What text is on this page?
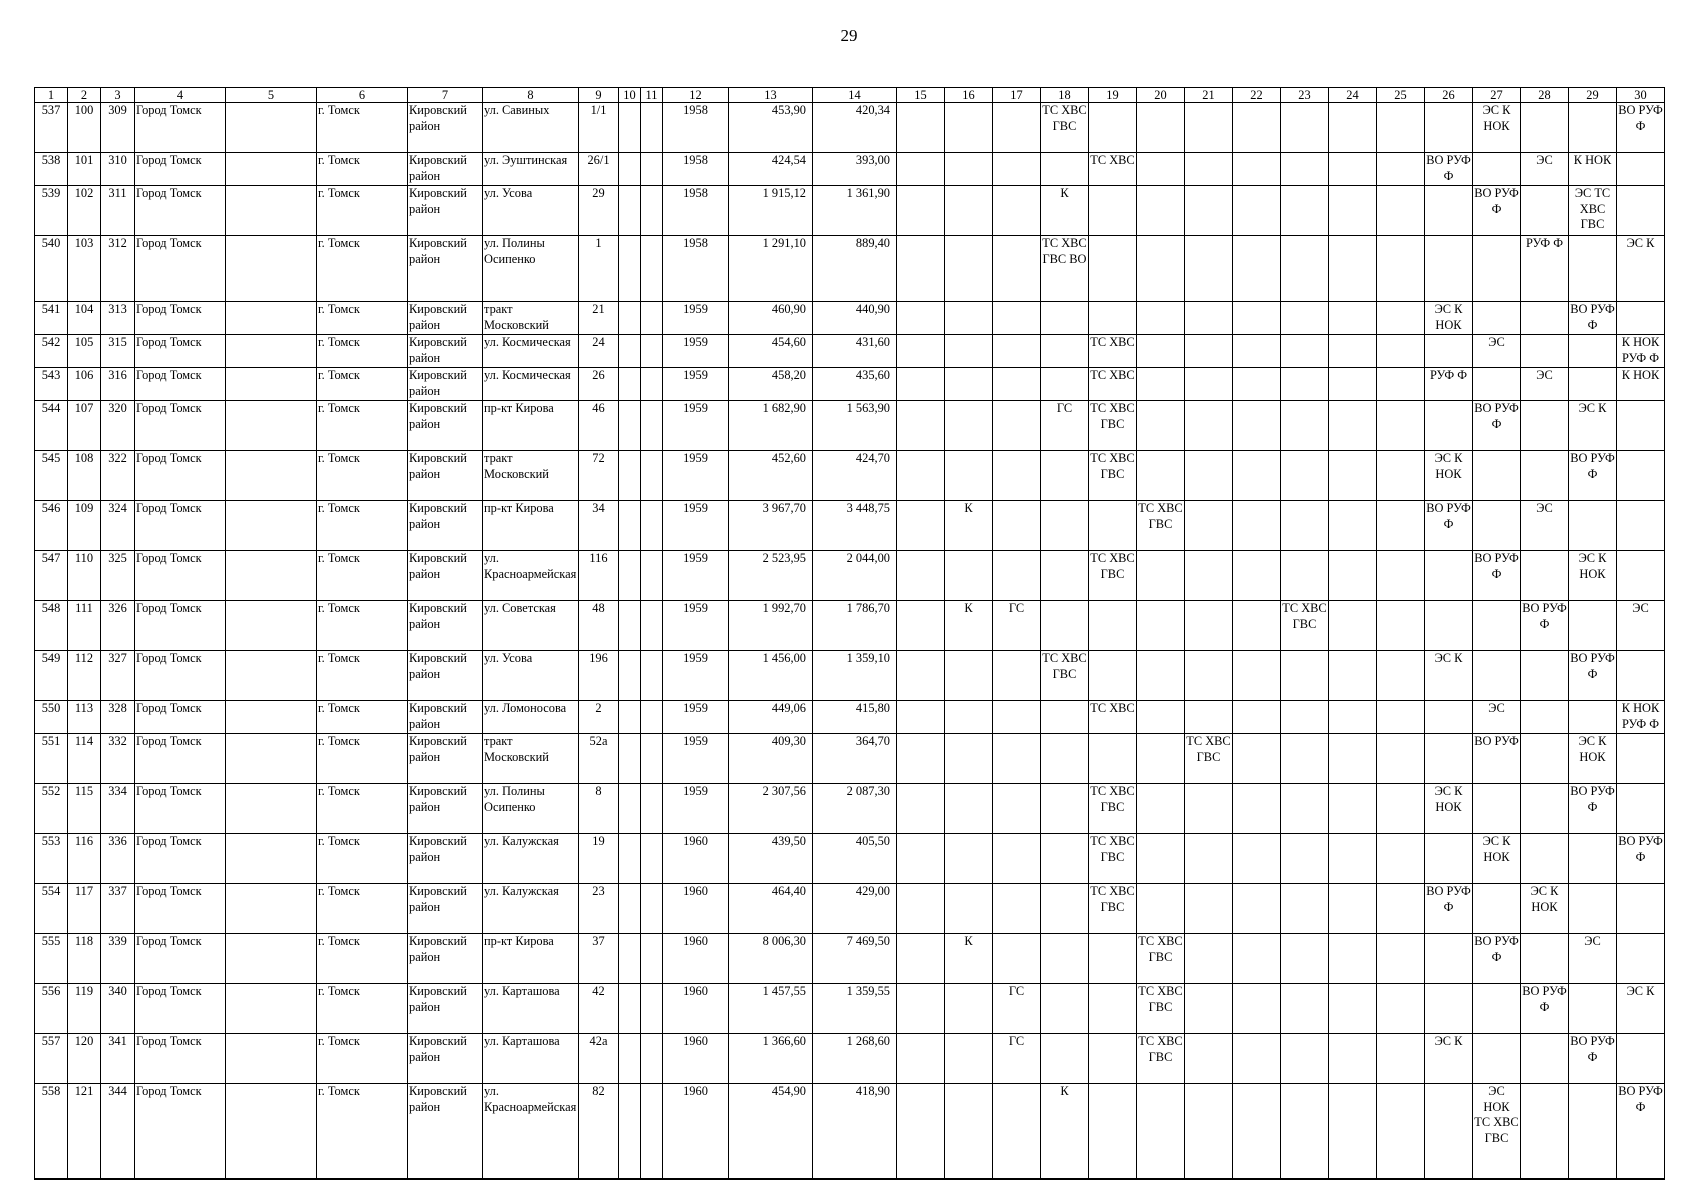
29
1	2	3	4	5	6	7	8	9	10	11	12	13	14	15	16	17	18	19	20	21	22	23	24	25	26	27	28	29	30
537	100	309	Город Томск		г. Томск	Кировский район	ул. Савиных	1/1			1958	453,90	420,34				ТС ХВС ГВС									ЭС К НОК			ВО РУФ Ф
538	101	310	Город Томск		г. Томск	Кировский район	ул. Эуштинская	26/1			1958	424,54	393,00					ТС ХВС							ВО РУФ Ф		ЭС	К НОК	
539	102	311	Город Томск		г. Томск	Кировский район	ул. Усова	29			1958	1 915,12	1 361,90				К									ВО РУФ Ф		ЭС ТС ХВС ГВС	
540	103	312	Город Томск		г. Томск	Кировский район	ул. Полины Осипенко	1			1958	1 291,10	889,40				ТС ХВС ГВС ВО										РУФ Ф		ЭС К
541	104	313	Город Томск		г. Томск	Кировский район	тракт Московский	21			1959	460,90	440,90												ЭС К НОК			ВО РУФ Ф	
542	105	315	Город Томск		г. Томск	Кировский район	ул. Космическая	24			1959	454,60	431,60					ТС ХВС								ЭС			К НОК РУФ Ф
543	106	316	Город Томск		г. Томск	Кировский район	ул. Космическая	26			1959	458,20	435,60					ТС ХВС							РУФ Ф		ЭС		К НОК
544	107	320	Город Томск		г. Томск	Кировский район	пр-кт Кирова	46			1959	1 682,90	1 563,90				ГС	ТС ХВС ГВС								ВО РУФ Ф		ЭС К	
545	108	322	Город Томск		г. Томск	Кировский район	тракт Московский	72			1959	452,60	424,70					ТС ХВС ГВС							ЭС К НОК			ВО РУФ Ф	
546	109	324	Город Томск		г. Томск	Кировский район	пр-кт Кирова	34			1959	3 967,70	3 448,75		К				ТС ХВС ГВС						ВО РУФ Ф		ЭС		
547	110	325	Город Томск		г. Томск	Кировский район	ул. Красноармейская	116			1959	2 523,95	2 044,00					ТС ХВС ГВС								ВО РУФ Ф		ЭС К НОК	
548	111	326	Город Томск		г. Томск	Кировский район	ул. Советская	48			1959	1 992,70	1 786,70		К	ГС						ТС ХВС ГВС					ВО РУФ Ф		ЭС
549	112	327	Город Томск		г. Томск	Кировский район	ул. Усова	196			1959	1 456,00	1 359,10				ТС ХВС ГВС								ЭС К			ВО РУФ Ф	
550	113	328	Город Томск		г. Томск	Кировский район	ул. Ломоносова	2			1959	449,06	415,80					ТС ХВС								ЭС			К НОК РУФ Ф
551	114	332	Город Томск		г. Томск	Кировский район	тракт Московский	52а			1959	409,30	364,70							ТС ХВС ГВС						ВО РУФ		ЭС К НОК	
552	115	334	Город Томск		г. Томск	Кировский район	ул. Полины Осипенко	8			1959	2 307,56	2 087,30					ТС ХВС ГВС							ЭС К НОК			ВО РУФ Ф	
553	116	336	Город Томск		г. Томск	Кировский район	ул. Калужская	19			1960	439,50	405,50					ТС ХВС ГВС								ЭС К НОК			ВО РУФ Ф
554	117	337	Город Томск		г. Томск	Кировский район	ул. Калужская	23			1960	464,40	429,00					ТС ХВС ГВС							ВО РУФ Ф		ЭС К НОК		
555	118	339	Город Томск		г. Томск	Кировский район	пр-кт Кирова	37			1960	8 006,30	7 469,50		К				ТС ХВС ГВС							ВО РУФ Ф		ЭС	
556	119	340	Город Томск		г. Томск	Кировский район	ул. Карташова	42			1960	1 457,55	1 359,55			ГС			ТС ХВС ГВС								ВО РУФ Ф		ЭС К
557	120	341	Город Томск		г. Томск	Кировский район	ул. Карташова	42а			1960	1 366,60	1 268,60			ГС			ТС ХВС ГВС						ЭС К			ВО РУФ Ф	
558	121	344	Город Томск		г. Томск	Кировский район	ул. Красноармейская	82			1960	454,90	418,90				К									ЭС НОК ТС ХВС ГВС			ВО РУФ Ф
